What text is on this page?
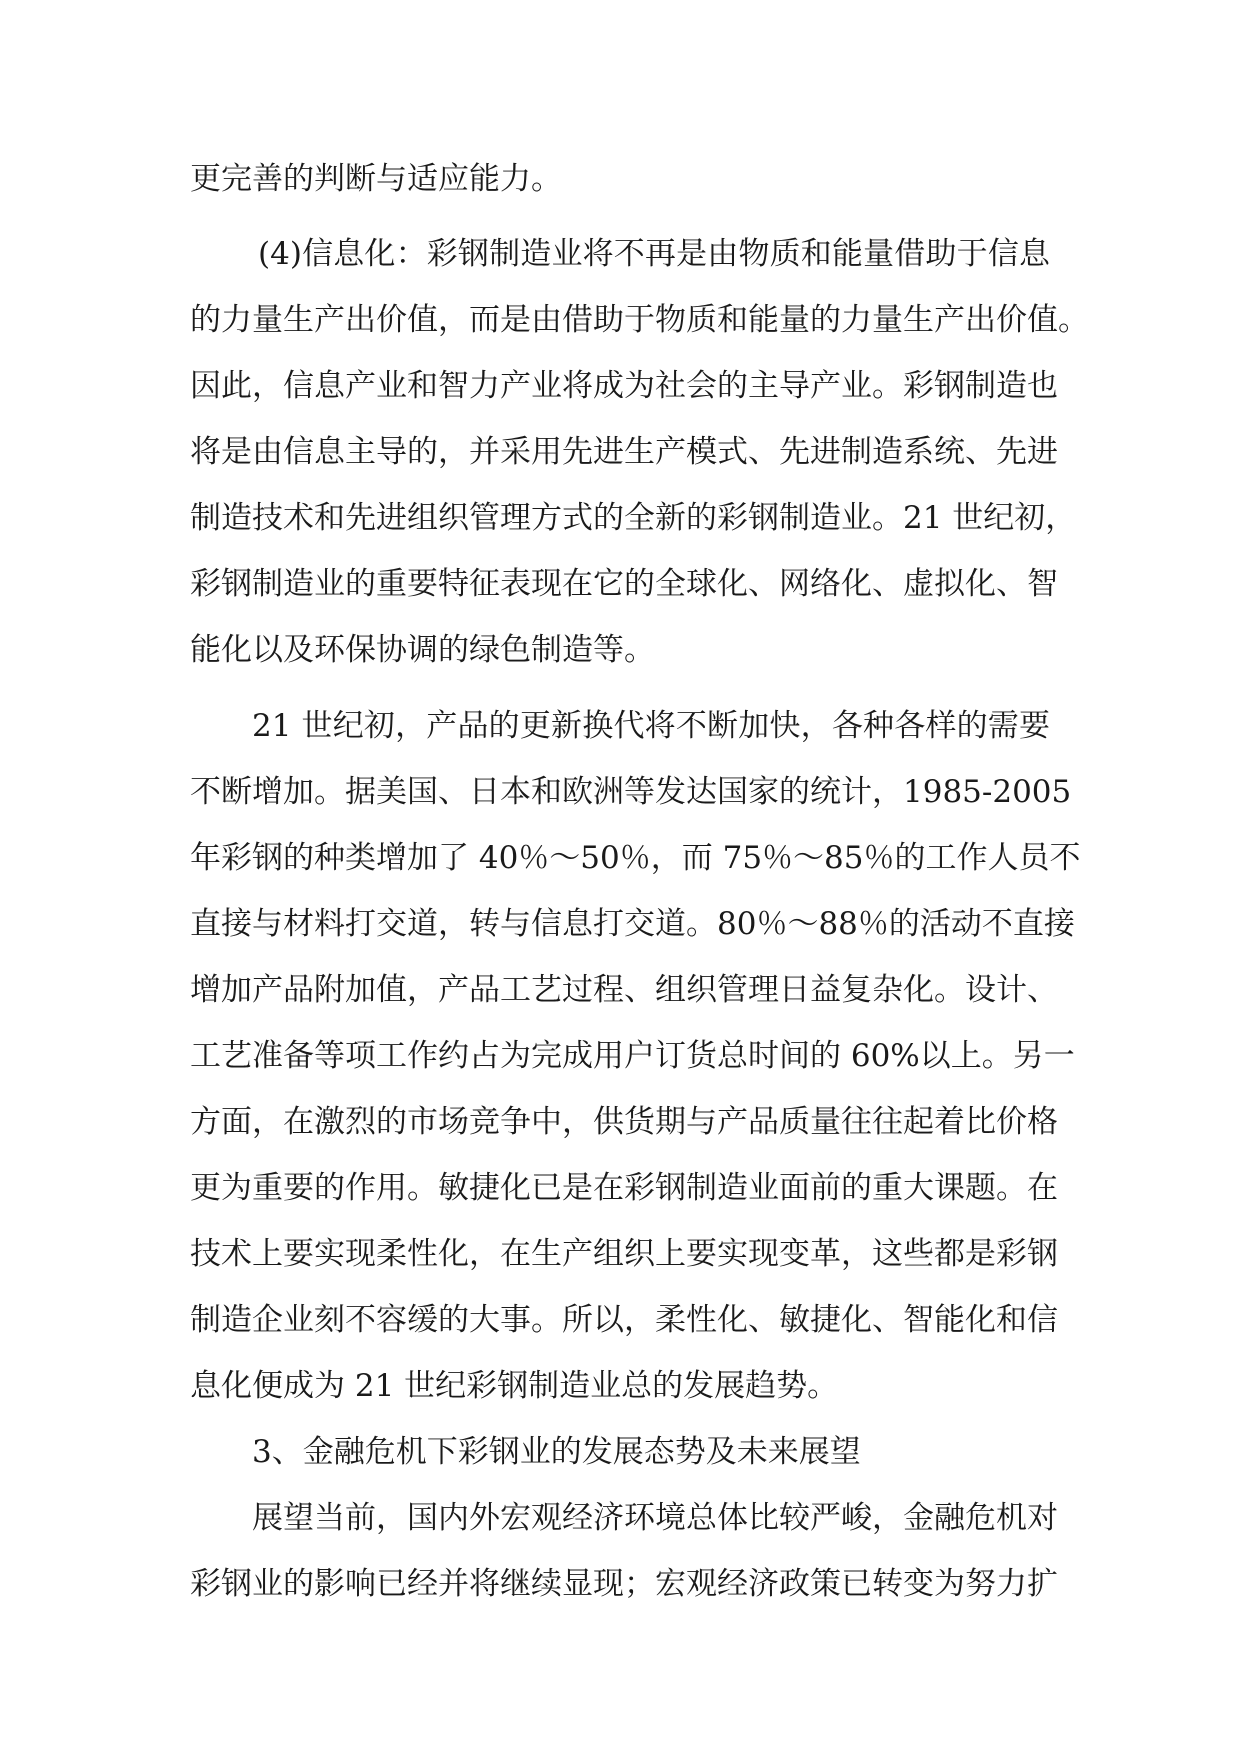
更完善的判断与适应能力。
(4)信息化：彩钢制造业将不再是由物质和能量借助于信息
的力量生产出价值，而是由借助于物质和能量的力量生产出价值。
因此，信息产业和智力产业将成为社会的主导产业。彩钢制造也
将是由信息主导的，并采用先进生产模式、先进制造系统、先进
制造技术和先进组织管理方式的全新的彩钢制造业。21 世纪初，
彩钢制造业的重要特征表现在它的全球化、网络化、虚拟化、智
能化以及环保协调的绿色制造等。
21 世纪初，产品的更新换代将不断加快，各种各样的需要
不断增加。据美国、日本和欧洲等发达国家的统计，1985-2005
年彩钢的种类增加了 40％～50％，而 75％～85％的工作人员不
直接与材料打交道，转与信息打交道。80％～88％的活动不直接
增加产品附加值，产品工艺过程、组织管理日益复杂化。设计、
工艺准备等项工作约占为完成用户订货总时间的 60%以上。另一
方面，在激烈的市场竞争中，供货期与产品质量往往起着比价格
更为重要的作用。敏捷化已是在彩钢制造业面前的重大课题。在
技术上要实现柔性化，在生产组织上要实现变革，这些都是彩钢
制造企业刻不容缓的大事。所以，柔性化、敏捷化、智能化和信
息化便成为 21 世纪彩钢制造业总的发展趋势。
3、金融危机下彩钢业的发展态势及未来展望
展望当前，国内外宏观经济环境总体比较严峻，金融危机对
彩钢业的影响已经并将继续显现；宏观经济政策已转变为努力扩
